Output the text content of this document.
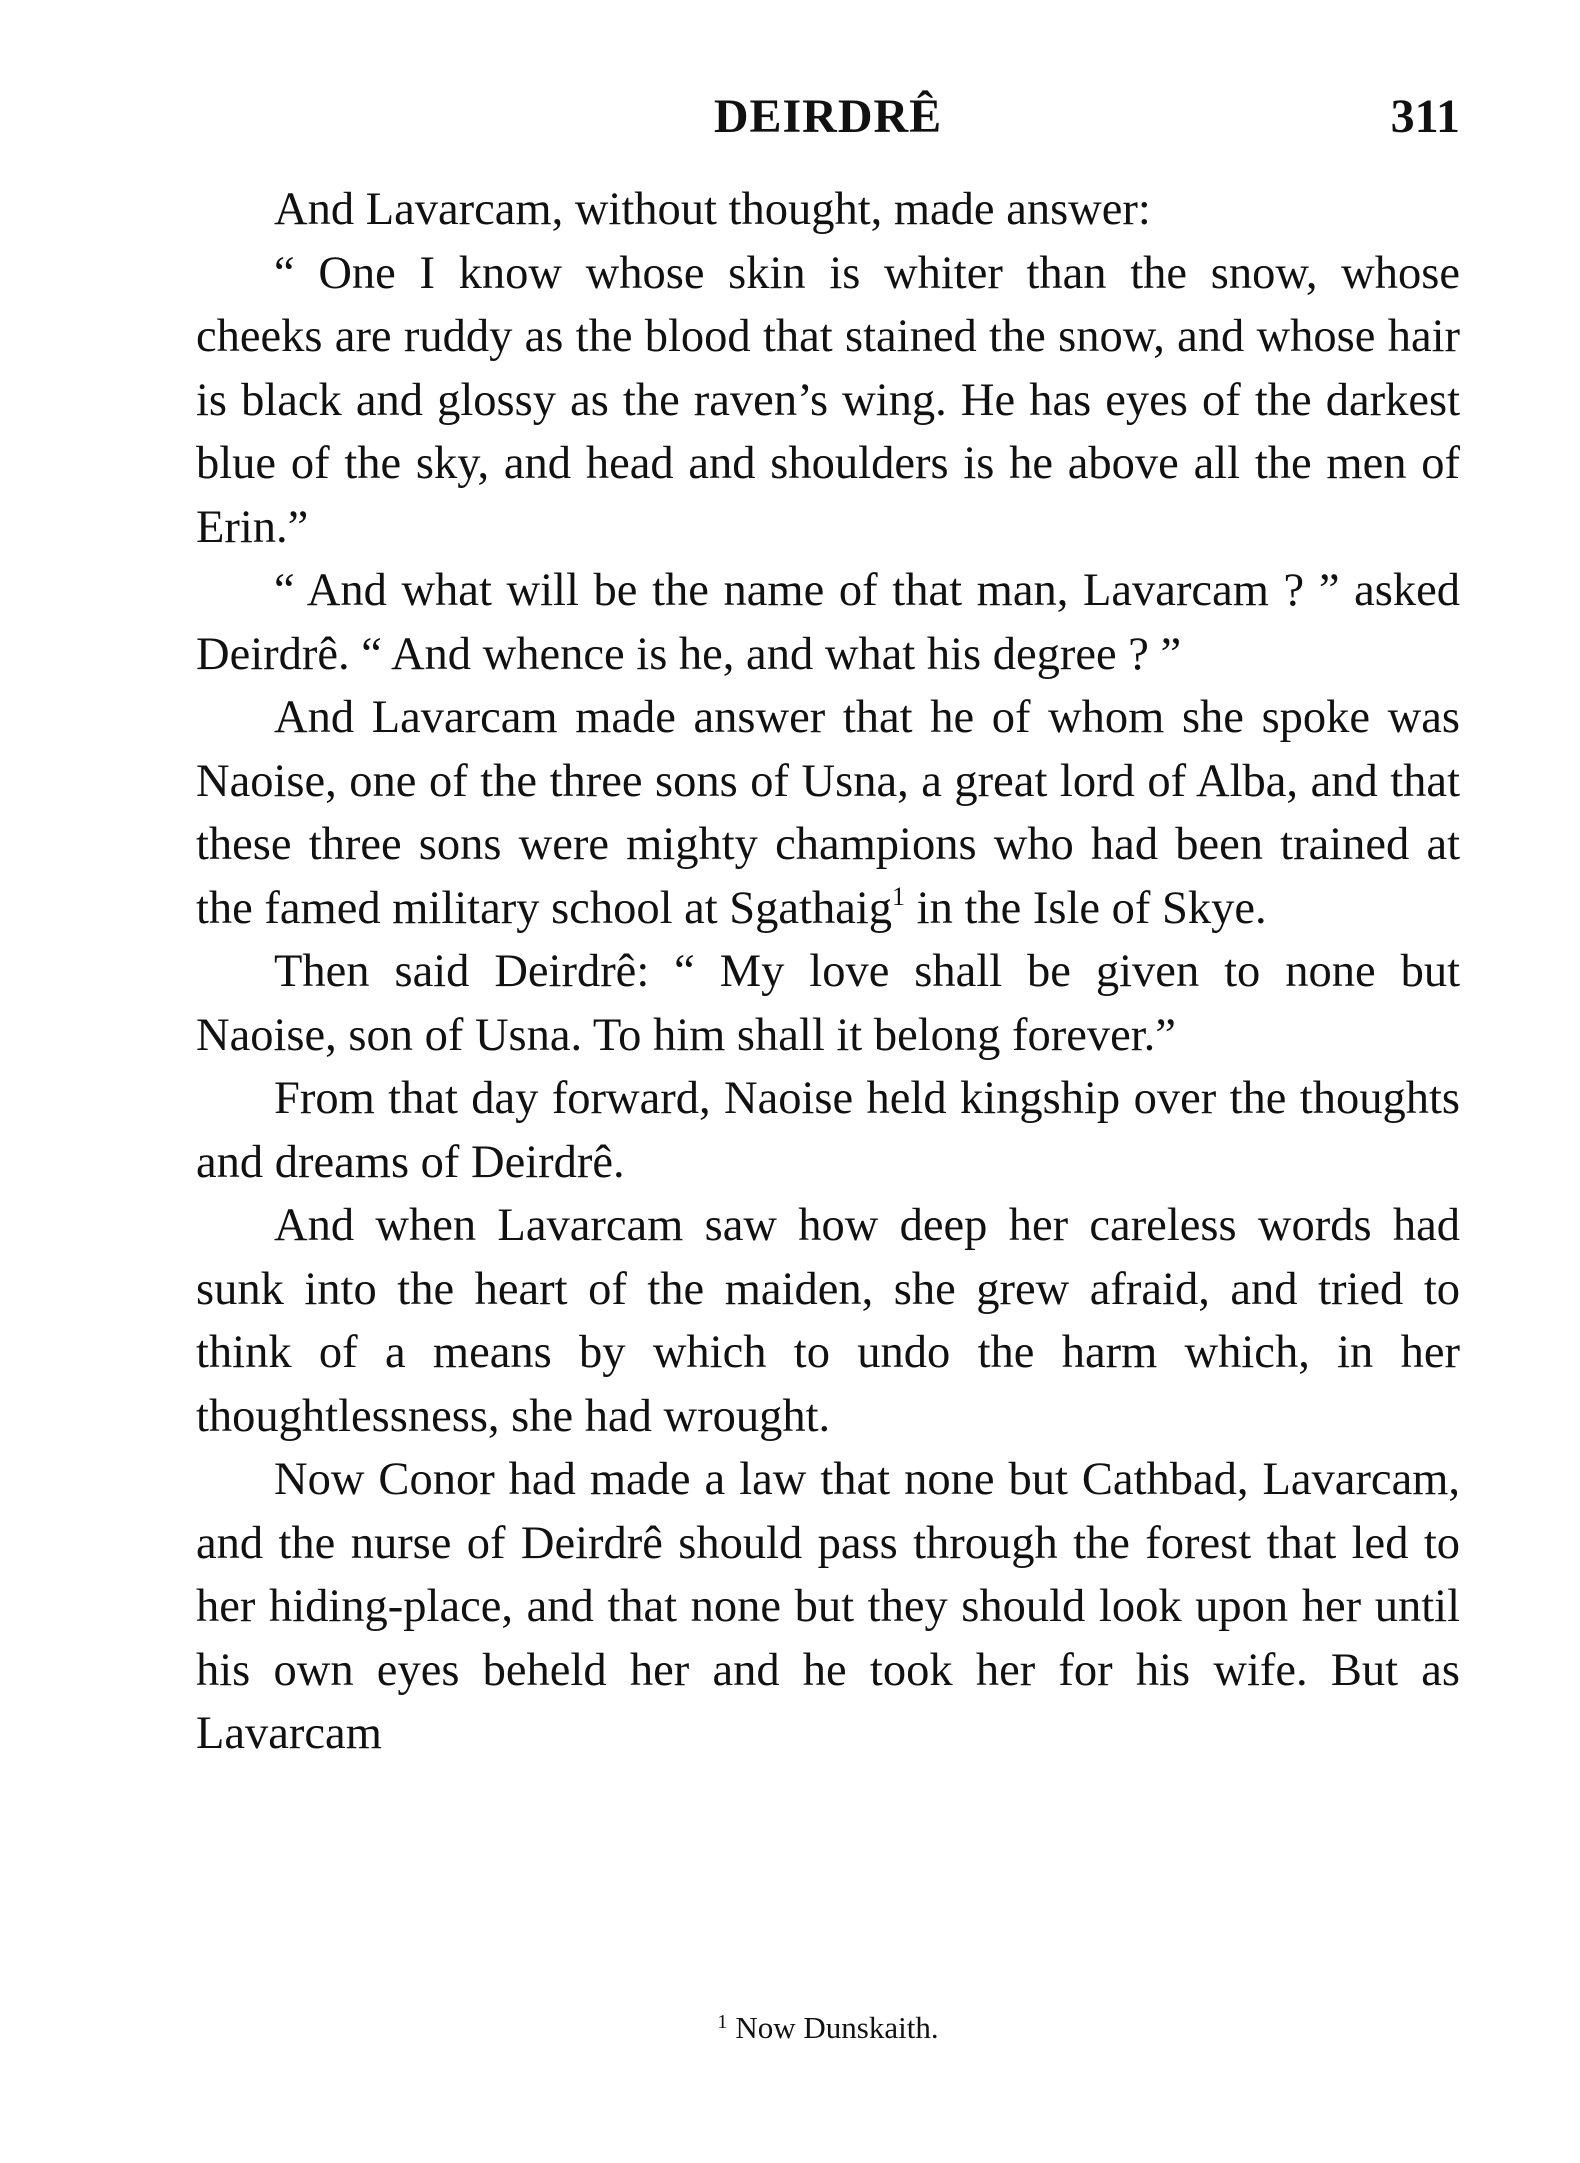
DEIRDRÊ	311

And Lavarcam, without thought, made answer:

“ One I know whose skin is whiter than the snow, whose cheeks are ruddy as the blood that stained the snow, and whose hair is black and glossy as the raven’s wing. He has eyes of the darkest blue of the sky, and head and shoulders is he above all the men of Erin.”

“ And what will be the name of that man, Lavarcam ? ” asked Deirdrê. “ And whence is he, and what his degree ? ”

And Lavarcam made answer that he of whom she spoke was Naoise, one of the three sons of Usna, a great lord of Alba, and that these three sons were mighty champions who had been trained at the famed military school at Sgathaig$^1$ in the Isle of Skye.

Then said Deirdrê: “ My love shall be given to none but Naoise, son of Usna. To him shall it belong forever.”

From that day forward, Naoise held kingship over the thoughts and dreams of Deirdrê.

And when Lavarcam saw how deep her careless words had sunk into the heart of the maiden, she grew afraid, and tried to think of a means by which to undo the harm which, in her thoughtlessness, she had wrought.

Now Conor had made a law that none but Cathbad, Lavarcam, and the nurse of Deirdrê should pass through the forest that led to her hiding-place, and that none but they should look upon her until his own eyes beheld her and he took her for his wife. But as Lavarcam

$^1$ Now Dunskaith.
